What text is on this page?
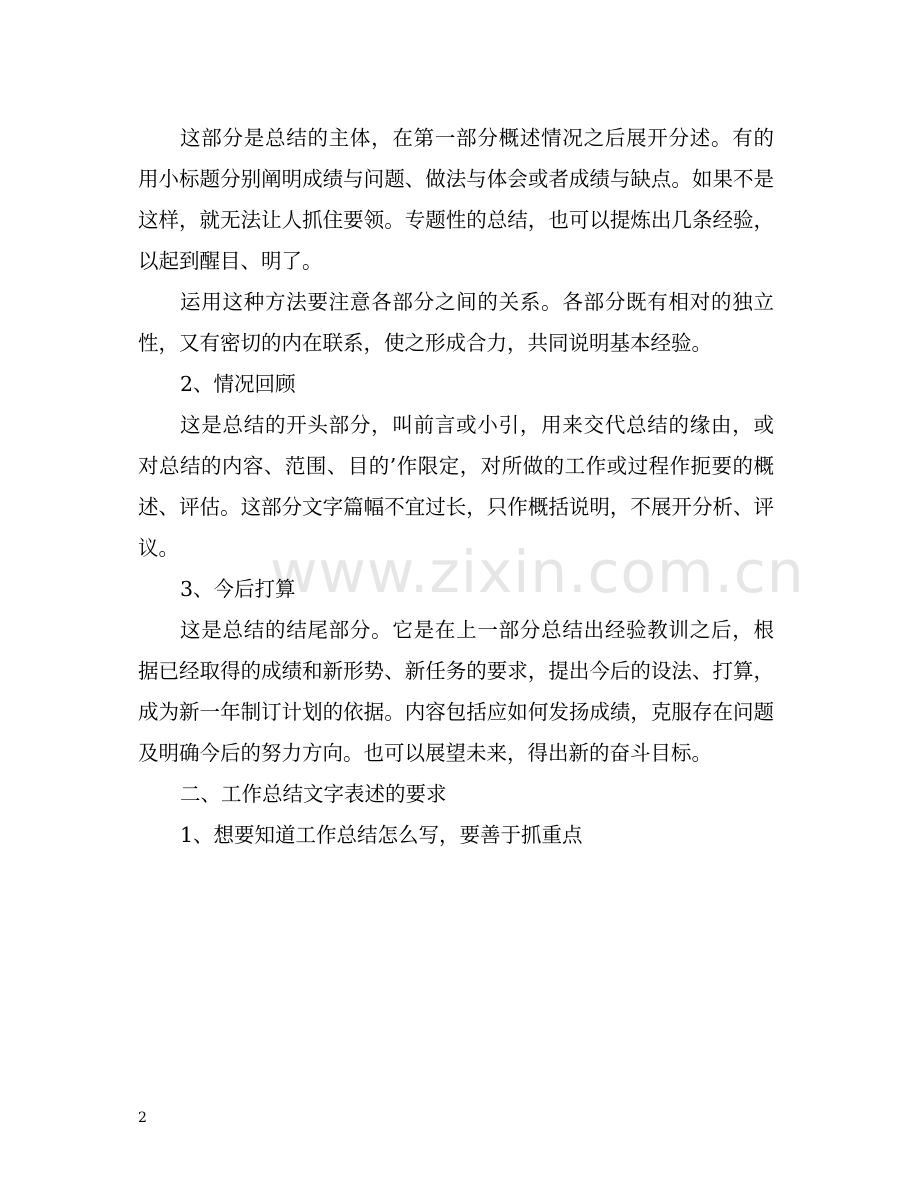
www.zixin.com.cn

这部分是总结的主体，在第一部分概述情况之后展开分述。有的用小标题分别阐明成绩与问题、做法与体会或者成绩与缺点。如果不是这样，就无法让人抓住要领。专题性的总结，也可以提炼出几条经验，以起到醒目、明了。

运用这种方法要注意各部分之间的关系。各部分既有相对的独立性，又有密切的内在联系，使之形成合力，共同说明基本经验。

2、情况回顾

这是总结的开头部分，叫前言或小引，用来交代总结的缘由，或对总结的内容、范围、目的’作限定，对所做的工作或过程作扼要的概述、评估。这部分文字篇幅不宜过长，只作概括说明，不展开分析、评议。

3、今后打算

这是总结的结尾部分。它是在上一部分总结出经验教训之后，根据已经取得的成绩和新形势、新任务的要求，提出今后的设法、打算，成为新一年制订计划的依据。内容包括应如何发扬成绩，克服存在问题及明确今后的努力方向。也可以展望未来，得出新的奋斗目标。

二、工作总结文字表述的要求

1、想要知道工作总结怎么写，要善于抓重点

2
